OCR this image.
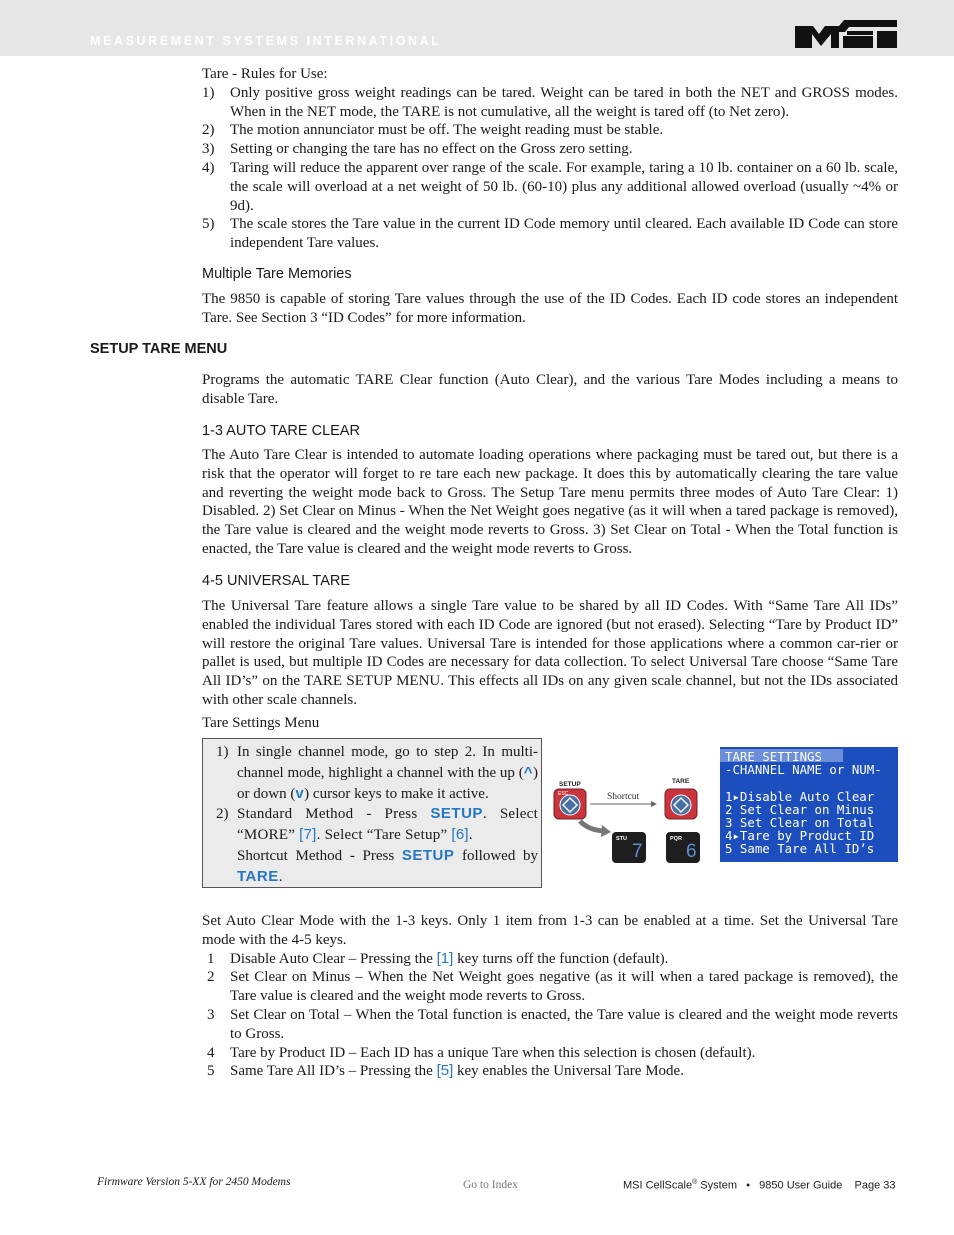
MEASUREMENT SYSTEMS INTERNATIONAL

Tare - Rules for Use:

1) Only positive gross weight readings can be tared. Weight can be tared in both the NET and GROSS modes. When in the NET mode, the TARE is not cumulative, all the weight is tared off (to Net zero).
2) The motion annunciator must be off. The weight reading must be stable.
3) Setting or changing the tare has no effect on the Gross zero setting.
4) Taring will reduce the apparent over range of the scale. For example, taring a 10 lb. container on a 60 lb. scale, the scale will overload at a net weight of 50 lb. (60-10) plus any additional allowed overload (usually ~4% or 9d).
5) The scale stores the Tare value in the current ID Code memory until cleared. Each available ID Code can store independent Tare values.
Multiple Tare Memories
The 9850 is capable of storing Tare values through the use of the ID Codes. Each ID code stores an independent Tare. See Section 3 “ID Codes” for more information.
SETUP TARE MENU
Programs the automatic TARE Clear function (Auto Clear), and the various Tare Modes including a means to disable Tare.
1-3 AUTO TARE CLEAR
The Auto Tare Clear is intended to automate loading operations where packaging must be tared out, but there is a risk that the operator will forget to re tare each new package. It does this by automatically clearing the tare value and reverting the weight mode back to Gross. The Setup Tare menu permits three modes of Auto Tare Clear: 1) Disabled. 2) Set Clear on Minus - When the Net Weight goes negative (as it will when a tared package is removed), the Tare value is cleared and the weight mode reverts to Gross. 3) Set Clear on Total - When the Total function is enacted, the Tare value is cleared and the weight mode reverts to Gross.
4-5 UNIVERSAL TARE
The Universal Tare feature allows a single Tare value to be shared by all ID Codes. With “Same Tare All IDs” enabled the individual Tares stored with each ID Code are ignored (but not erased). Selecting “Tare by Product ID” will restore the original Tare values. Universal Tare is intended for those applications where a common car-rier or pallet is used, but multiple ID Codes are necessary for data collection. To select Universal Tare choose “Same Tare All ID’s” on the TARE SETUP MENU. This effects all IDs on any given scale channel, but not the IDs associated with other scale channels.
Tare Settings Menu
1) In single channel mode, go to step 2. In multi-channel mode, highlight a channel with the up (^) or down (v) cursor keys to make it active.
2) Standard Method - Press SETUP. Select “MORE” [7]. Select “Tare Setup” [6].
Shortcut Method - Press SETUP followed by TARE.
SETUP
ESC	Shortcut
TARE
STU
7
PQR
6
TARE SETTINGS
-CHANNEL NAME or NUM-
1▸Disable Auto Clear
2 Set Clear on Minus
3 Set Clear on Total
4▸Tare by Product ID
5 Same Tare All ID’s

Set Auto Clear Mode with the 1-3 keys. Only 1 item from 1-3 can be enabled at a time. Set the Universal Tare mode with the 4-5 keys.

1 Disable Auto Clear – Pressing the [1] key turns off the function (default).
2 Set Clear on Minus – When the Net Weight goes negative (as it will when a tared package is removed), the Tare value is cleared and the weight mode reverts to Gross.
3 Set Clear on Total – When the Total function is enacted, the Tare value is cleared and the weight mode reverts to Gross.
4 Tare by Product ID – Each ID has a unique Tare when this selection is chosen (default).
5 Same Tare All ID’s – Pressing the [5] key enables the Universal Tare Mode.
Firmware Version 5-XX for 2450 Modems	Go to Index	MSI CellScale® System   •   9850 User Guide    Page 33
